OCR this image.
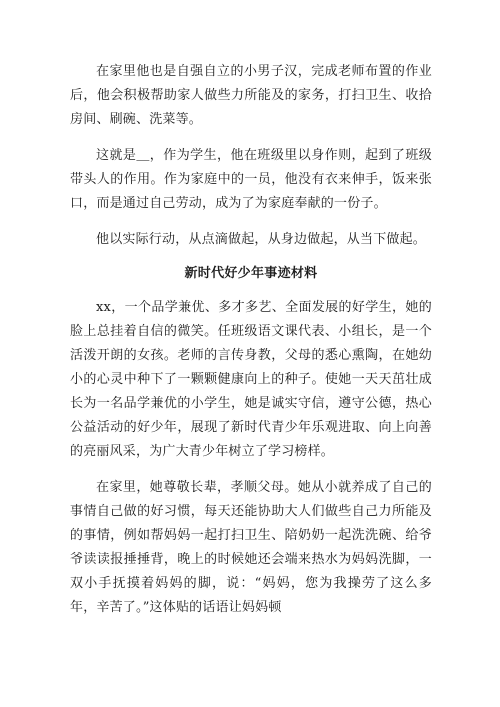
在家里他也是自强自立的小男子汉，完成老师布置的作业后，他会积极帮助家人做些力所能及的家务，打扫卫生、收拾房间、刷碗、洗菜等。

这就是＿，作为学生，他在班级里以身作则，起到了班级带头人的作用。作为家庭中的一员，他没有衣来伸手，饭来张口，而是通过自己劳动，成为了为家庭奉献的一份子。

他以实际行动，从点滴做起，从身边做起，从当下做起。

新时代好少年事迹材料

xx，一个品学兼优、多才多艺、全面发展的好学生，她的脸上总挂着自信的微笑。任班级语文课代表、小组长，是一个活泼开朗的女孩。老师的言传身教，父母的悉心熏陶，在她幼小的心灵中种下了一颗颗健康向上的种子。使她一天天茁壮成长为一名品学兼优的小学生，她是诚实守信，遵守公德，热心公益活动的好少年，展现了新时代青少年乐观进取、向上向善的亮丽风采，为广大青少年树立了学习榜样。

在家里，她尊敬长辈，孝顺父母。她从小就养成了自己的事情自己做的好习惯，每天还能协助大人们做些自己力所能及的事情，例如帮妈妈一起打扫卫生、陪奶奶一起洗洗碗、给爷爷读读报捶捶背，晚上的时候她还会端来热水为妈妈洗脚，一双小手抚摸着妈妈的脚，说：“妈妈，您为我操劳了这么多年，辛苦了。”这体贴的话语让妈妈顿
